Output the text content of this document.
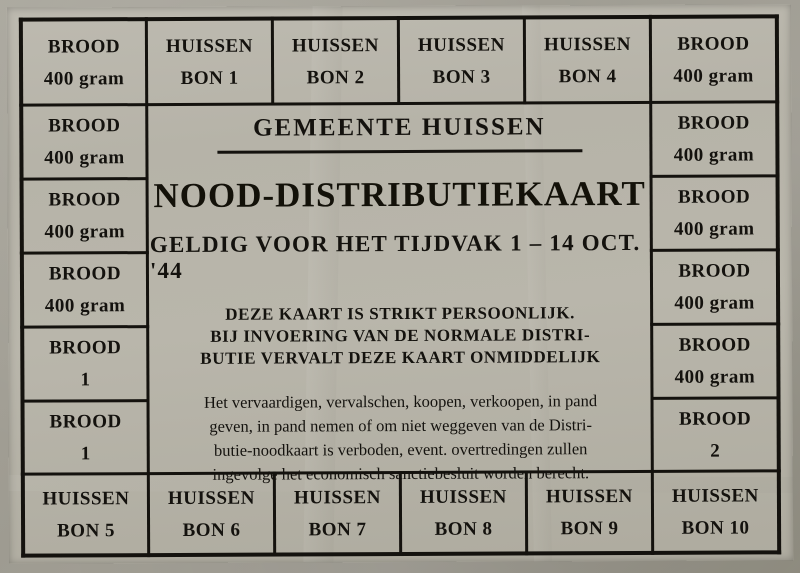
BROOD
400 gram
HUISSEN
BON 1
HUISSEN
BON 2
HUISSEN
BON 3
HUISSEN
BON 4
BROOD
400 gram
BROOD
400 gram
BROOD
400 gram
BROOD
400 gram
BROOD
1
BROOD
1
BROOD
400 gram
BROOD
400 gram
BROOD
400 gram
BROOD
400 gram
BROOD
2
HUISSEN
BON 5
HUISSEN
BON 6
HUISSEN
BON 7
HUISSEN
BON 8
HUISSEN
BON 9
HUISSEN
BON 10
GEMEENTE HUISSEN
NOOD-DISTRIBUTIEKAART
GELDIG VOOR HET TIJDVAK 1 – 14 OCT. '44
DEZE KAART IS STRIKT PERSOONLIJK.
BIJ INVOERING VAN DE NORMALE DISTRI-
BUTIE VERVALT DEZE KAART ONMIDDELIJK
Het vervaardigen, vervalschen, koopen, verkoopen, in pand
geven, in pand nemen of om niet weggeven van de Distri-
butie-noodkaart is verboden, event. overtredingen zullen
ingevolge het economisch sanctiebesluit worden berecht.
